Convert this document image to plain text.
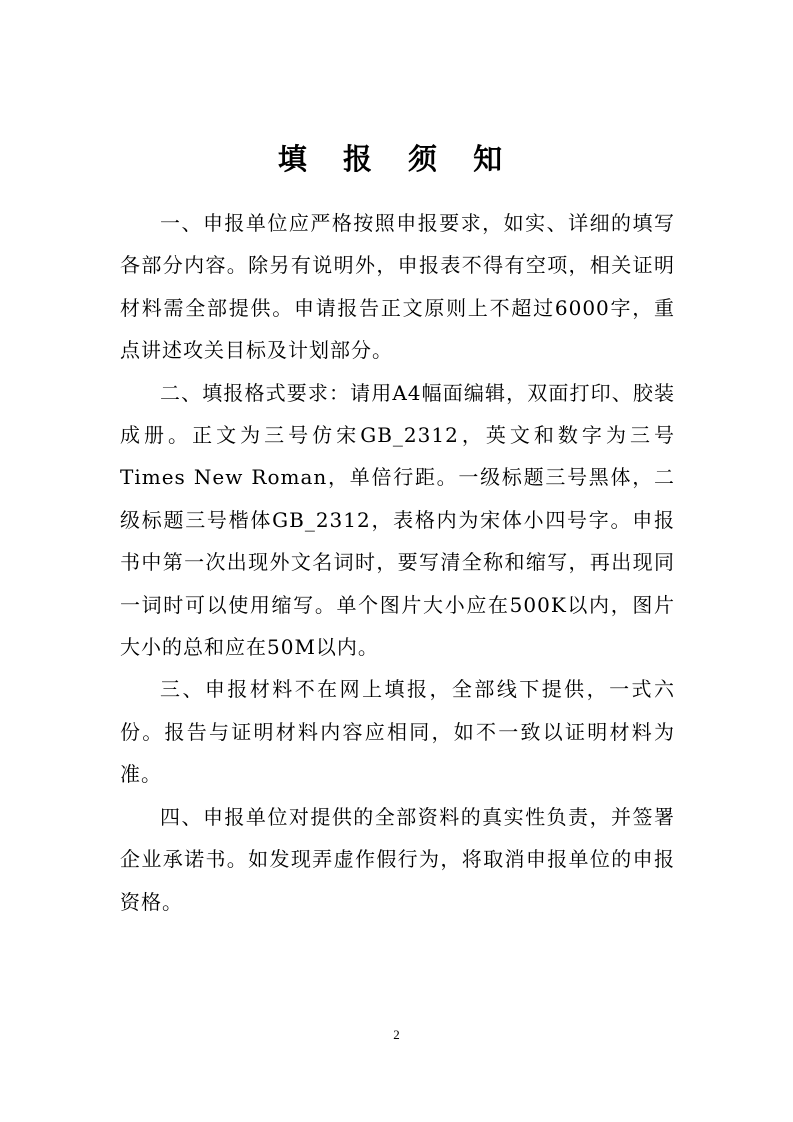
填 报 须 知

一、申报单位应严格按照申报要求，如实、详细的填写各部分内容。除另有说明外，申报表不得有空项，相关证明材料需全部提供。申请报告正文原则上不超过6000字，重点讲述攻关目标及计划部分。

二、填报格式要求：请用A4幅面编辑，双面打印、胶装成册。正文为三号仿宋GB_2312，英文和数字为三号Times New Roman，单倍行距。一级标题三号黑体，二级标题三号楷体GB_2312，表格内为宋体小四号字。申报书中第一次出现外文名词时，要写清全称和缩写，再出现同一词时可以使用缩写。单个图片大小应在500K以内，图片大小的总和应在50M以内。

三、申报材料不在网上填报，全部线下提供，一式六份。报告与证明材料内容应相同，如不一致以证明材料为准。

四、申报单位对提供的全部资料的真实性负责，并签署企业承诺书。如发现弄虚作假行为，将取消申报单位的申报资格。

2
